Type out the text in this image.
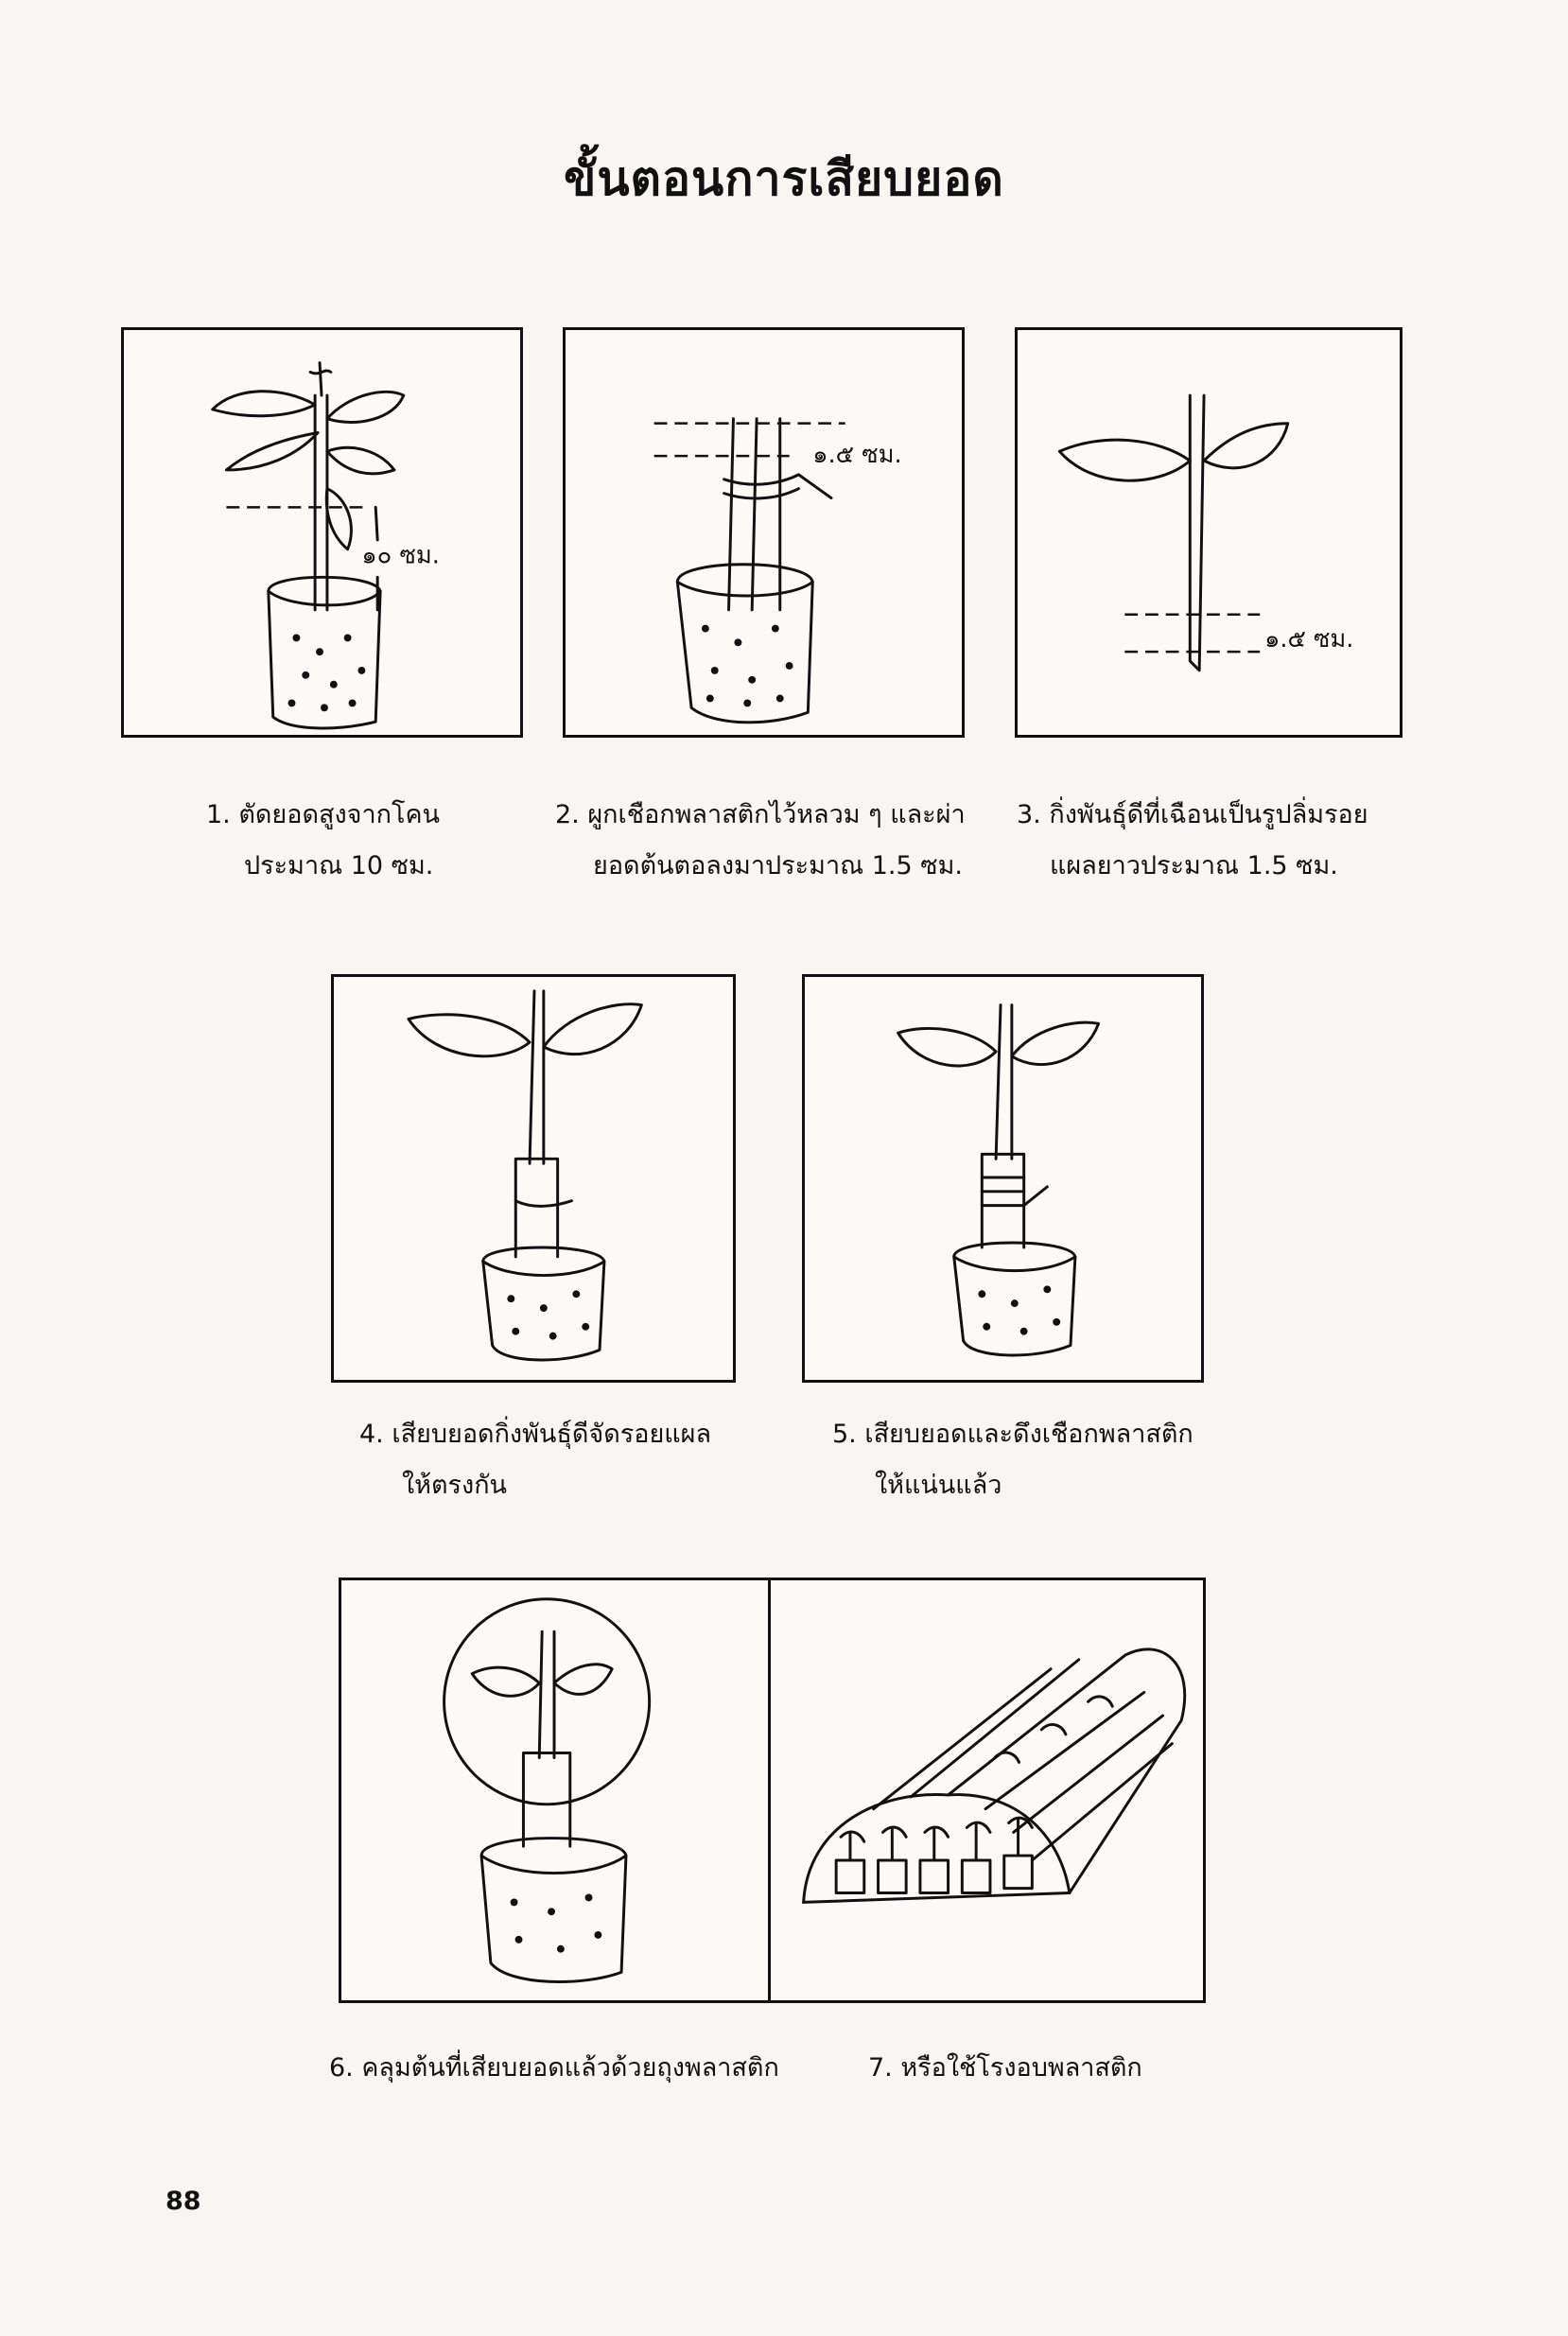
ขั้นตอนการเสียบยอด
๑๐ ซม.
๑.๕ ซม.
๑.๕ ซม.
1. ตัดยอดสูงจากโคน
ประมาณ 10 ซม.
2. ผูกเชือกพลาสติกไว้หลวม ๆ และผ่า
ยอดต้นตอลงมาประมาณ 1.5 ซม.
3. กิ่งพันธุ์ดีที่เฉือนเป็นรูปลิ่มรอย
แผลยาวประมาณ 1.5 ซม.
4. เสียบยอดกิ่งพันธุ์ดีจัดรอยแผล
ให้ตรงกัน
5. เสียบยอดและดึงเชือกพลาสติก
ให้แน่นแล้ว
6. คลุมต้นที่เสียบยอดแล้วด้วยถุงพลาสติก	7. หรือใช้โรงอบพลาสติก
88
